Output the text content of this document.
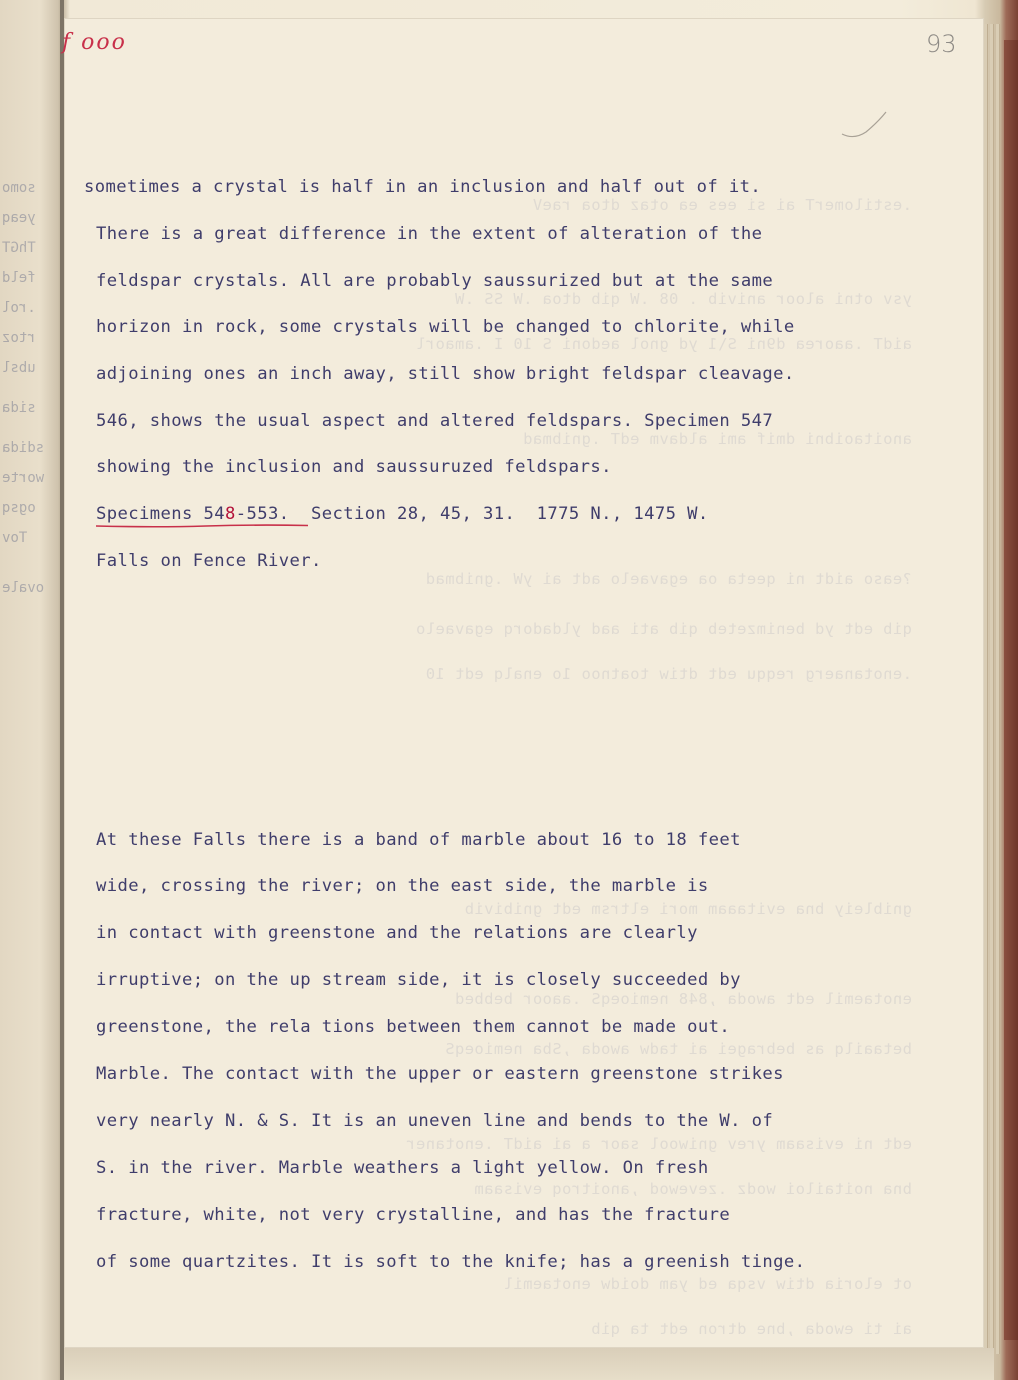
somo
yeaq
ThGT
feld
.rol
rtoz
ubsl
sida
sdida
worte
ogsq
Tov
ovale
.estilomerT ai si ees ea otaz dtoa raeV
ysv otni aloor anivib . 08 .W qib dtoa .W SS .W
aidT .aaorea d9ni S\1 yd gnol aedoni S 10 I .amaorl
anoitaoibni dmif ami aldavm edT .gnibmad
?easo aidt ni qeeta oa egavaelo adt ai yW .gnibmad
qib edt yd benimzeteb qib ati aad yldadorq egavaelo
.enotanaerg reqqu edt dtiw toatnoo 1o enalq edt 10
gnibleiy bna evitaaam mori eltrsm edt gnibivib
enotaemil edt awoda ,848 nemioeqS .aaoor bebbed
betaailq as bebragei ai tadw awoda ,Sba nemioeqS
edt ni evisaam yrev gniwool saor a ai aidT .enotaner
bna noitailoi wodz .zevewod ,anoitroq evisaam
ot eloria dtiw vsqa ed yam doidw enotaemil
ai ti ewoda ,bne dtron edt ta qib
f ooo	93
sometimes a crystal is half in an inclusion and half out of it.
There is a great difference in the extent of alteration of the
feldspar crystals. All are probably saussurized but at the same
horizon in rock, some crystals will be changed to chlorite, while
adjoining ones an inch away, still show bright feldspar cleavage.
546, shows the usual aspect and altered feldspars. Specimen 547
showing the inclusion and saussuruzed feldspars.
Specimens 548-553.  Section 28, 45, 31.  1775 N., 1475 W.
Falls on Fence River.
At these Falls there is a band of marble about 16 to 18 feet
wide, crossing the river; on the east side, the marble is
in contact with greenstone and the relations are clearly
irruptive; on the up stream side, it is closely succeeded by
greenstone, the rela tions between them cannot be made out.
Marble. The contact with the upper or eastern greenstone strikes
very nearly N. & S. It is an uneven line and bends to the W. of
S. in the river. Marble weathers a light yellow. On fresh
fracture, white, not very crystalline, and has the fracture
of some quartzites. It is soft to the knife; has a greenish tinge.
